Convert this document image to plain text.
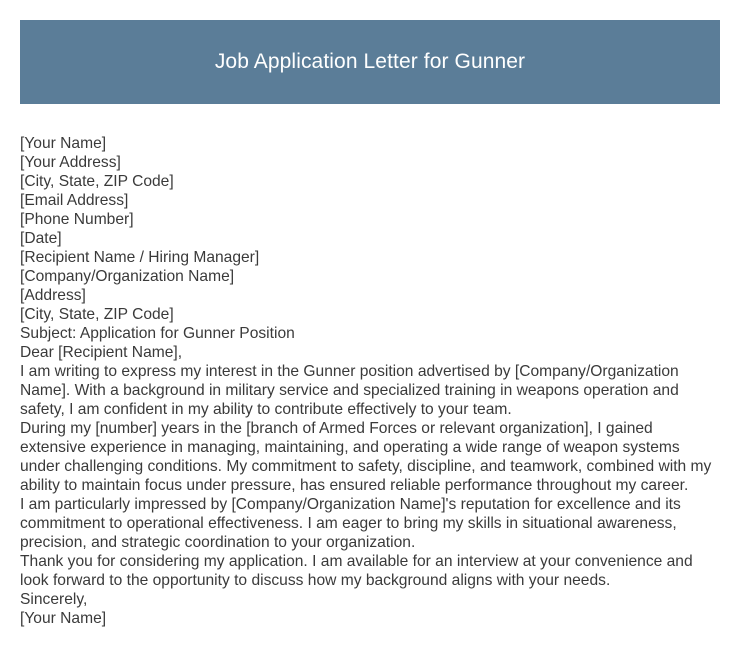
Job Application Letter for Gunner

[Your Name]

[Your Address]

[City, State, ZIP Code]

[Email Address]

[Phone Number]

[Date]

[Recipient Name / Hiring Manager]

[Company/Organization Name]

[Address]

[City, State, ZIP Code]

Subject: Application for Gunner Position

Dear [Recipient Name],

I am writing to express my interest in the Gunner position advertised by [Company/Organization Name]. With a background in military service and specialized training in weapons operation and safety, I am confident in my ability to contribute effectively to your team.

During my [number] years in the [branch of Armed Forces or relevant organization], I gained extensive experience in managing, maintaining, and operating a wide range of weapon systems under challenging conditions. My commitment to safety, discipline, and teamwork, combined with my ability to maintain focus under pressure, has ensured reliable performance throughout my career.

I am particularly impressed by [Company/Organization Name]'s reputation for excellence and its commitment to operational effectiveness. I am eager to bring my skills in situational awareness, precision, and strategic coordination to your organization.

Thank you for considering my application. I am available for an interview at your convenience and look forward to the opportunity to discuss how my background aligns with your needs.

Sincerely,

[Your Name]
